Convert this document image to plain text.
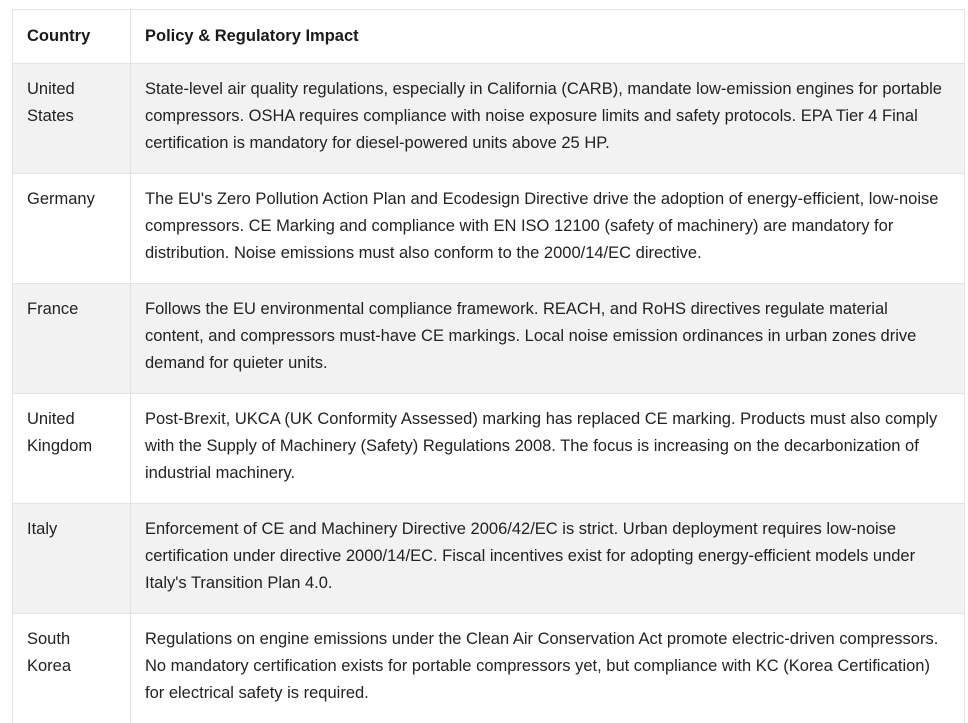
Country	Policy & Regulatory Impact
United States	State-level air quality regulations, especially in California (CARB), mandate low-emission engines for portable compressors. OSHA requires compliance with noise exposure limits and safety protocols. EPA Tier 4 Final certification is mandatory for diesel-powered units above 25 HP.
Germany	The EU's Zero Pollution Action Plan and Ecodesign Directive drive the adoption of energy-efficient, low-noise compressors. CE Marking and compliance with EN ISO 12100 (safety of machinery) are mandatory for distribution. Noise emissions must also conform to the 2000/14/EC directive.
France	Follows the EU environmental compliance framework. REACH, and RoHS directives regulate material content, and compressors must-have CE markings. Local noise emission ordinances in urban zones drive demand for quieter units.
United Kingdom	Post-Brexit, UKCA (UK Conformity Assessed) marking has replaced CE marking. Products must also comply with the Supply of Machinery (Safety) Regulations 2008. The focus is increasing on the decarbonization of industrial machinery.
Italy	Enforcement of CE and Machinery Directive 2006/42/EC is strict. Urban deployment requires low-noise certification under directive 2000/14/EC. Fiscal incentives exist for adopting energy-efficient models under Italy's Transition Plan 4.0.
South Korea	Regulations on engine emissions under the Clean Air Conservation Act promote electric-driven compressors. No mandatory certification exists for portable compressors yet, but compliance with KC (Korea Certification) for electrical safety is required.
